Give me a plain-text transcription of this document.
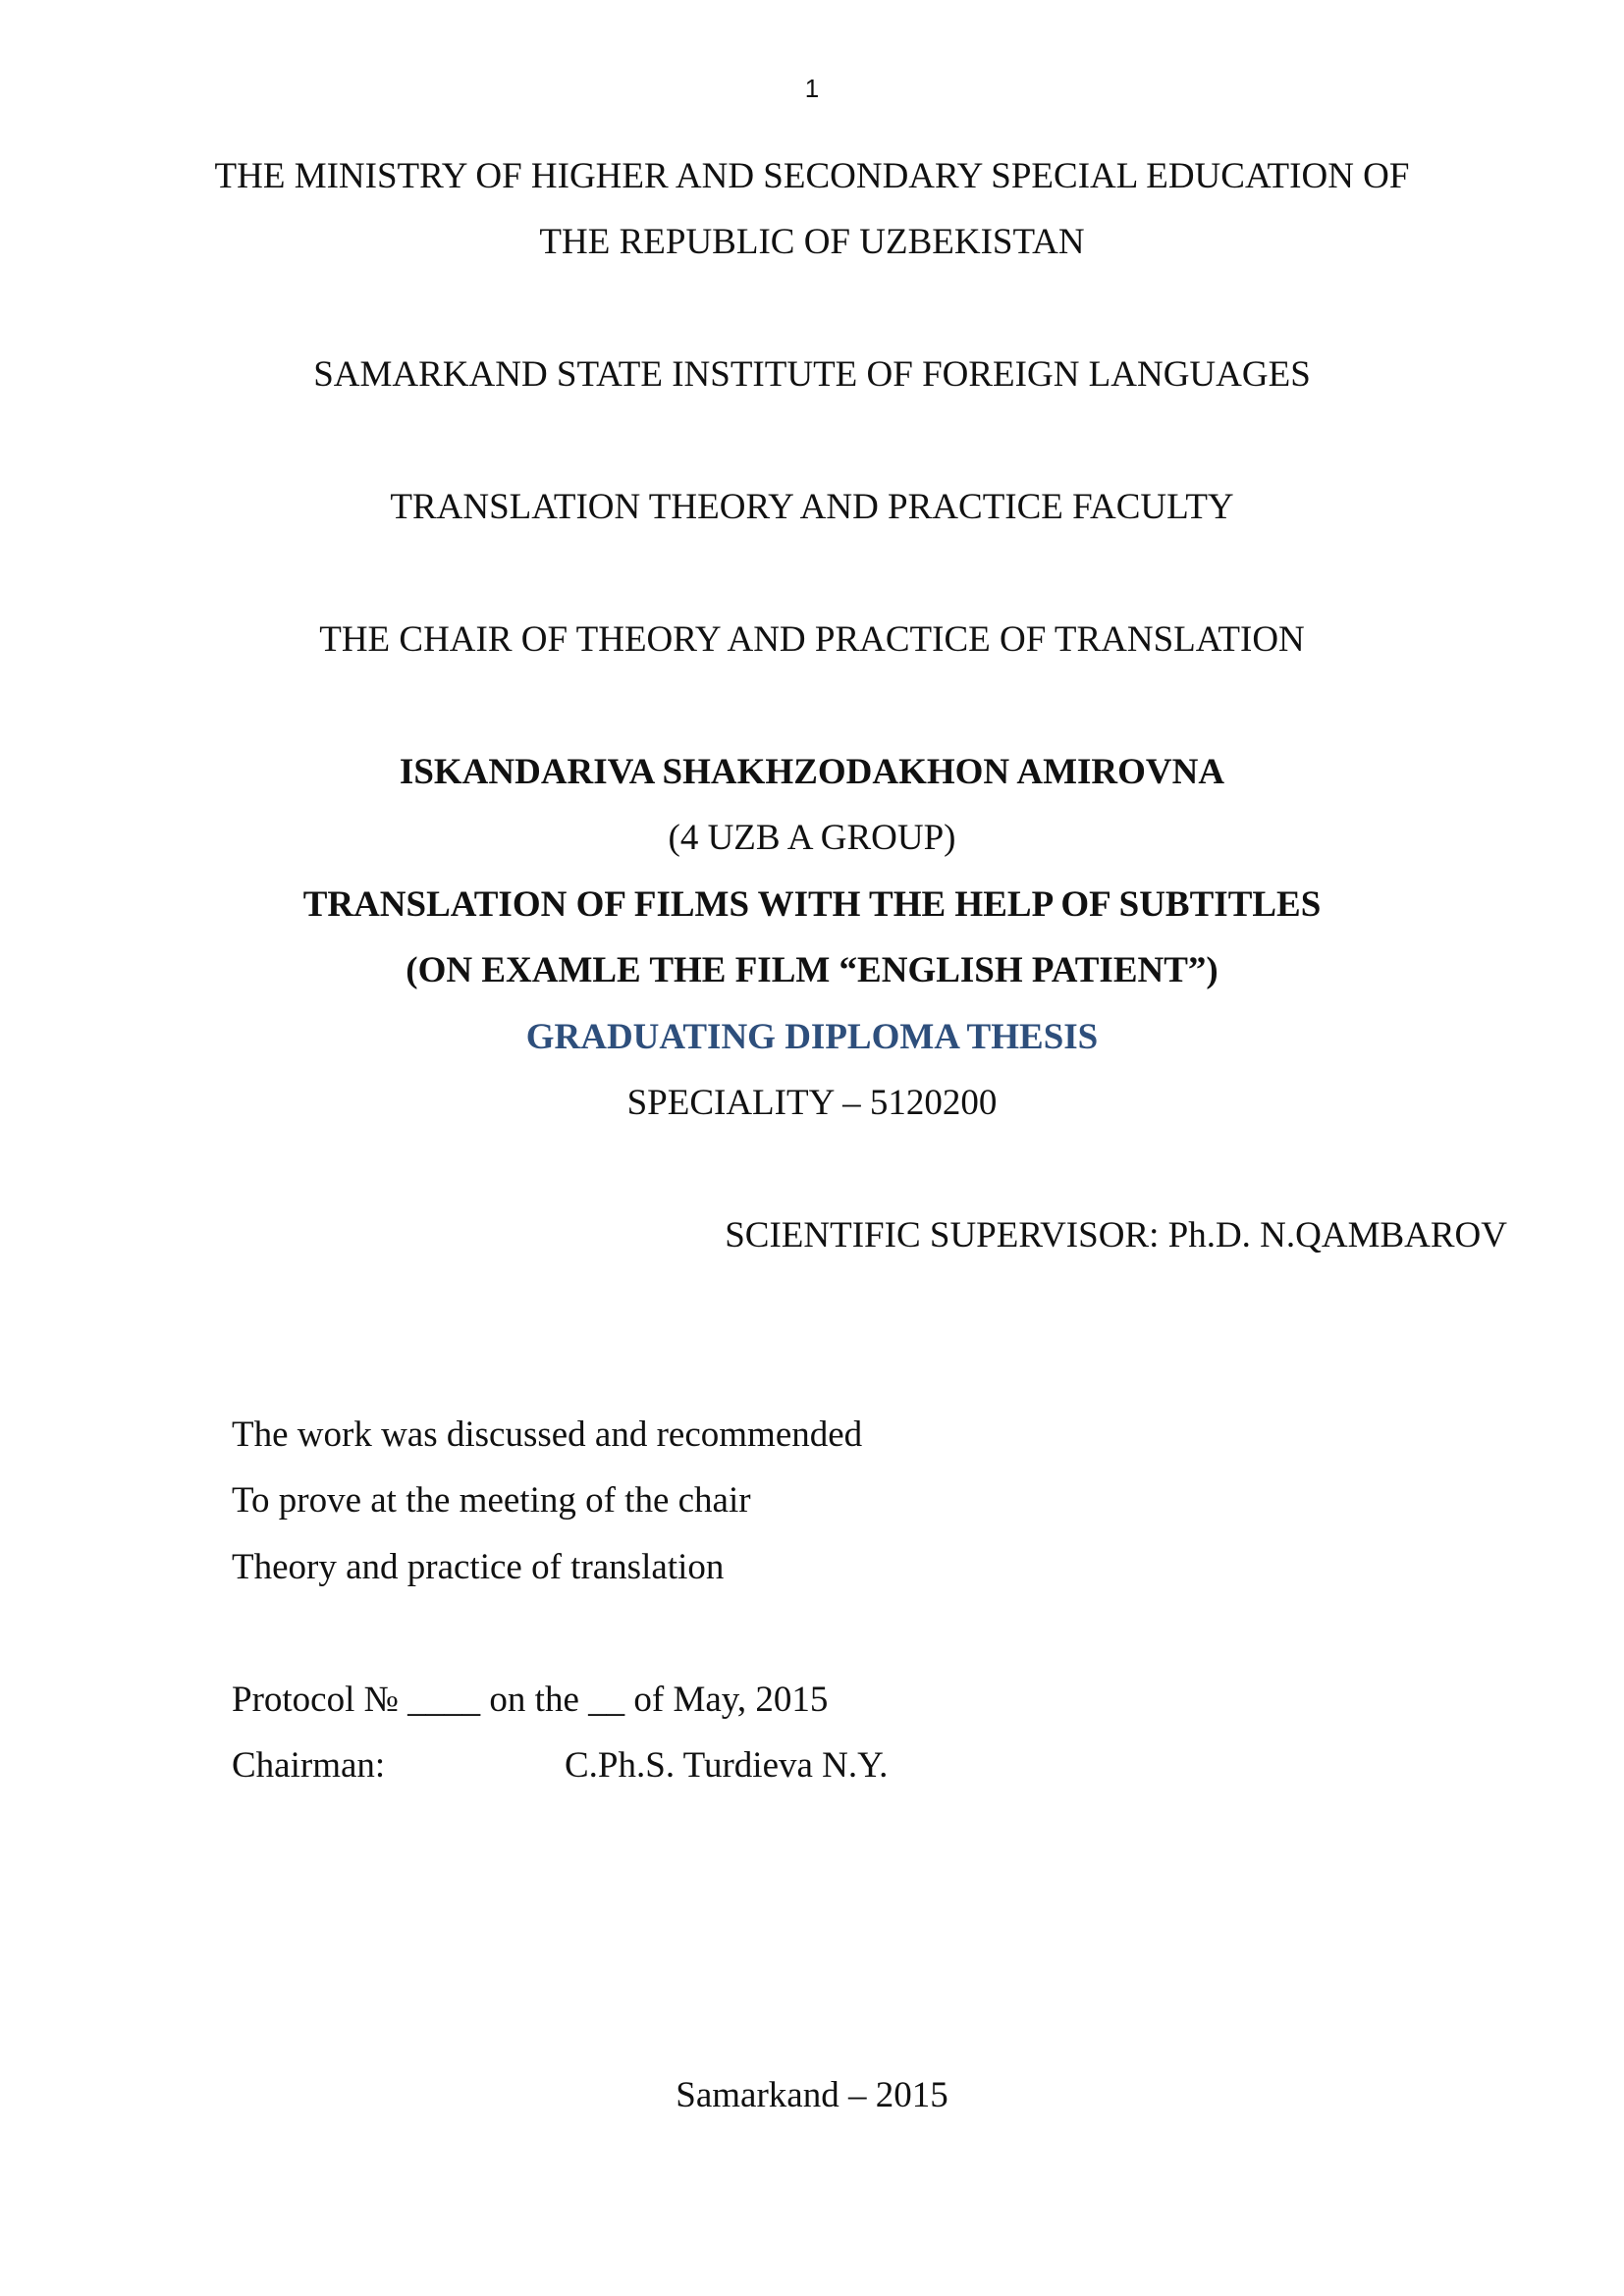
1
THE MINISTRY OF HIGHER AND SECONDARY SPECIAL EDUCATION OF
THE REPUBLIC OF UZBEKISTAN
SAMARKAND STATE INSTITUTE OF FOREIGN LANGUAGES
TRANSLATION THEORY AND PRACTICE FACULTY
THE CHAIR OF THEORY AND PRACTICE OF TRANSLATION
ISKANDARIVA SHAKHZODAKHON AMIROVNA
(4 UZB A GROUP)
TRANSLATION OF FILMS WITH THE HELP OF SUBTITLES
(ON EXAMLE THE FILM “ENGLISH PATIENT”)
GRADUATING DIPLOMA THESIS
SPECIALITY – 5120200
SCIENTIFIC SUPERVISOR: Ph.D. N.QAMBAROV
The work was discussed and recommended
To prove at the meeting of the chair
Theory and practice of translation
Protocol № ____ on the __ of May, 2015
Chairman:	C.Ph.S. Turdieva N.Y.
Samarkand – 2015
